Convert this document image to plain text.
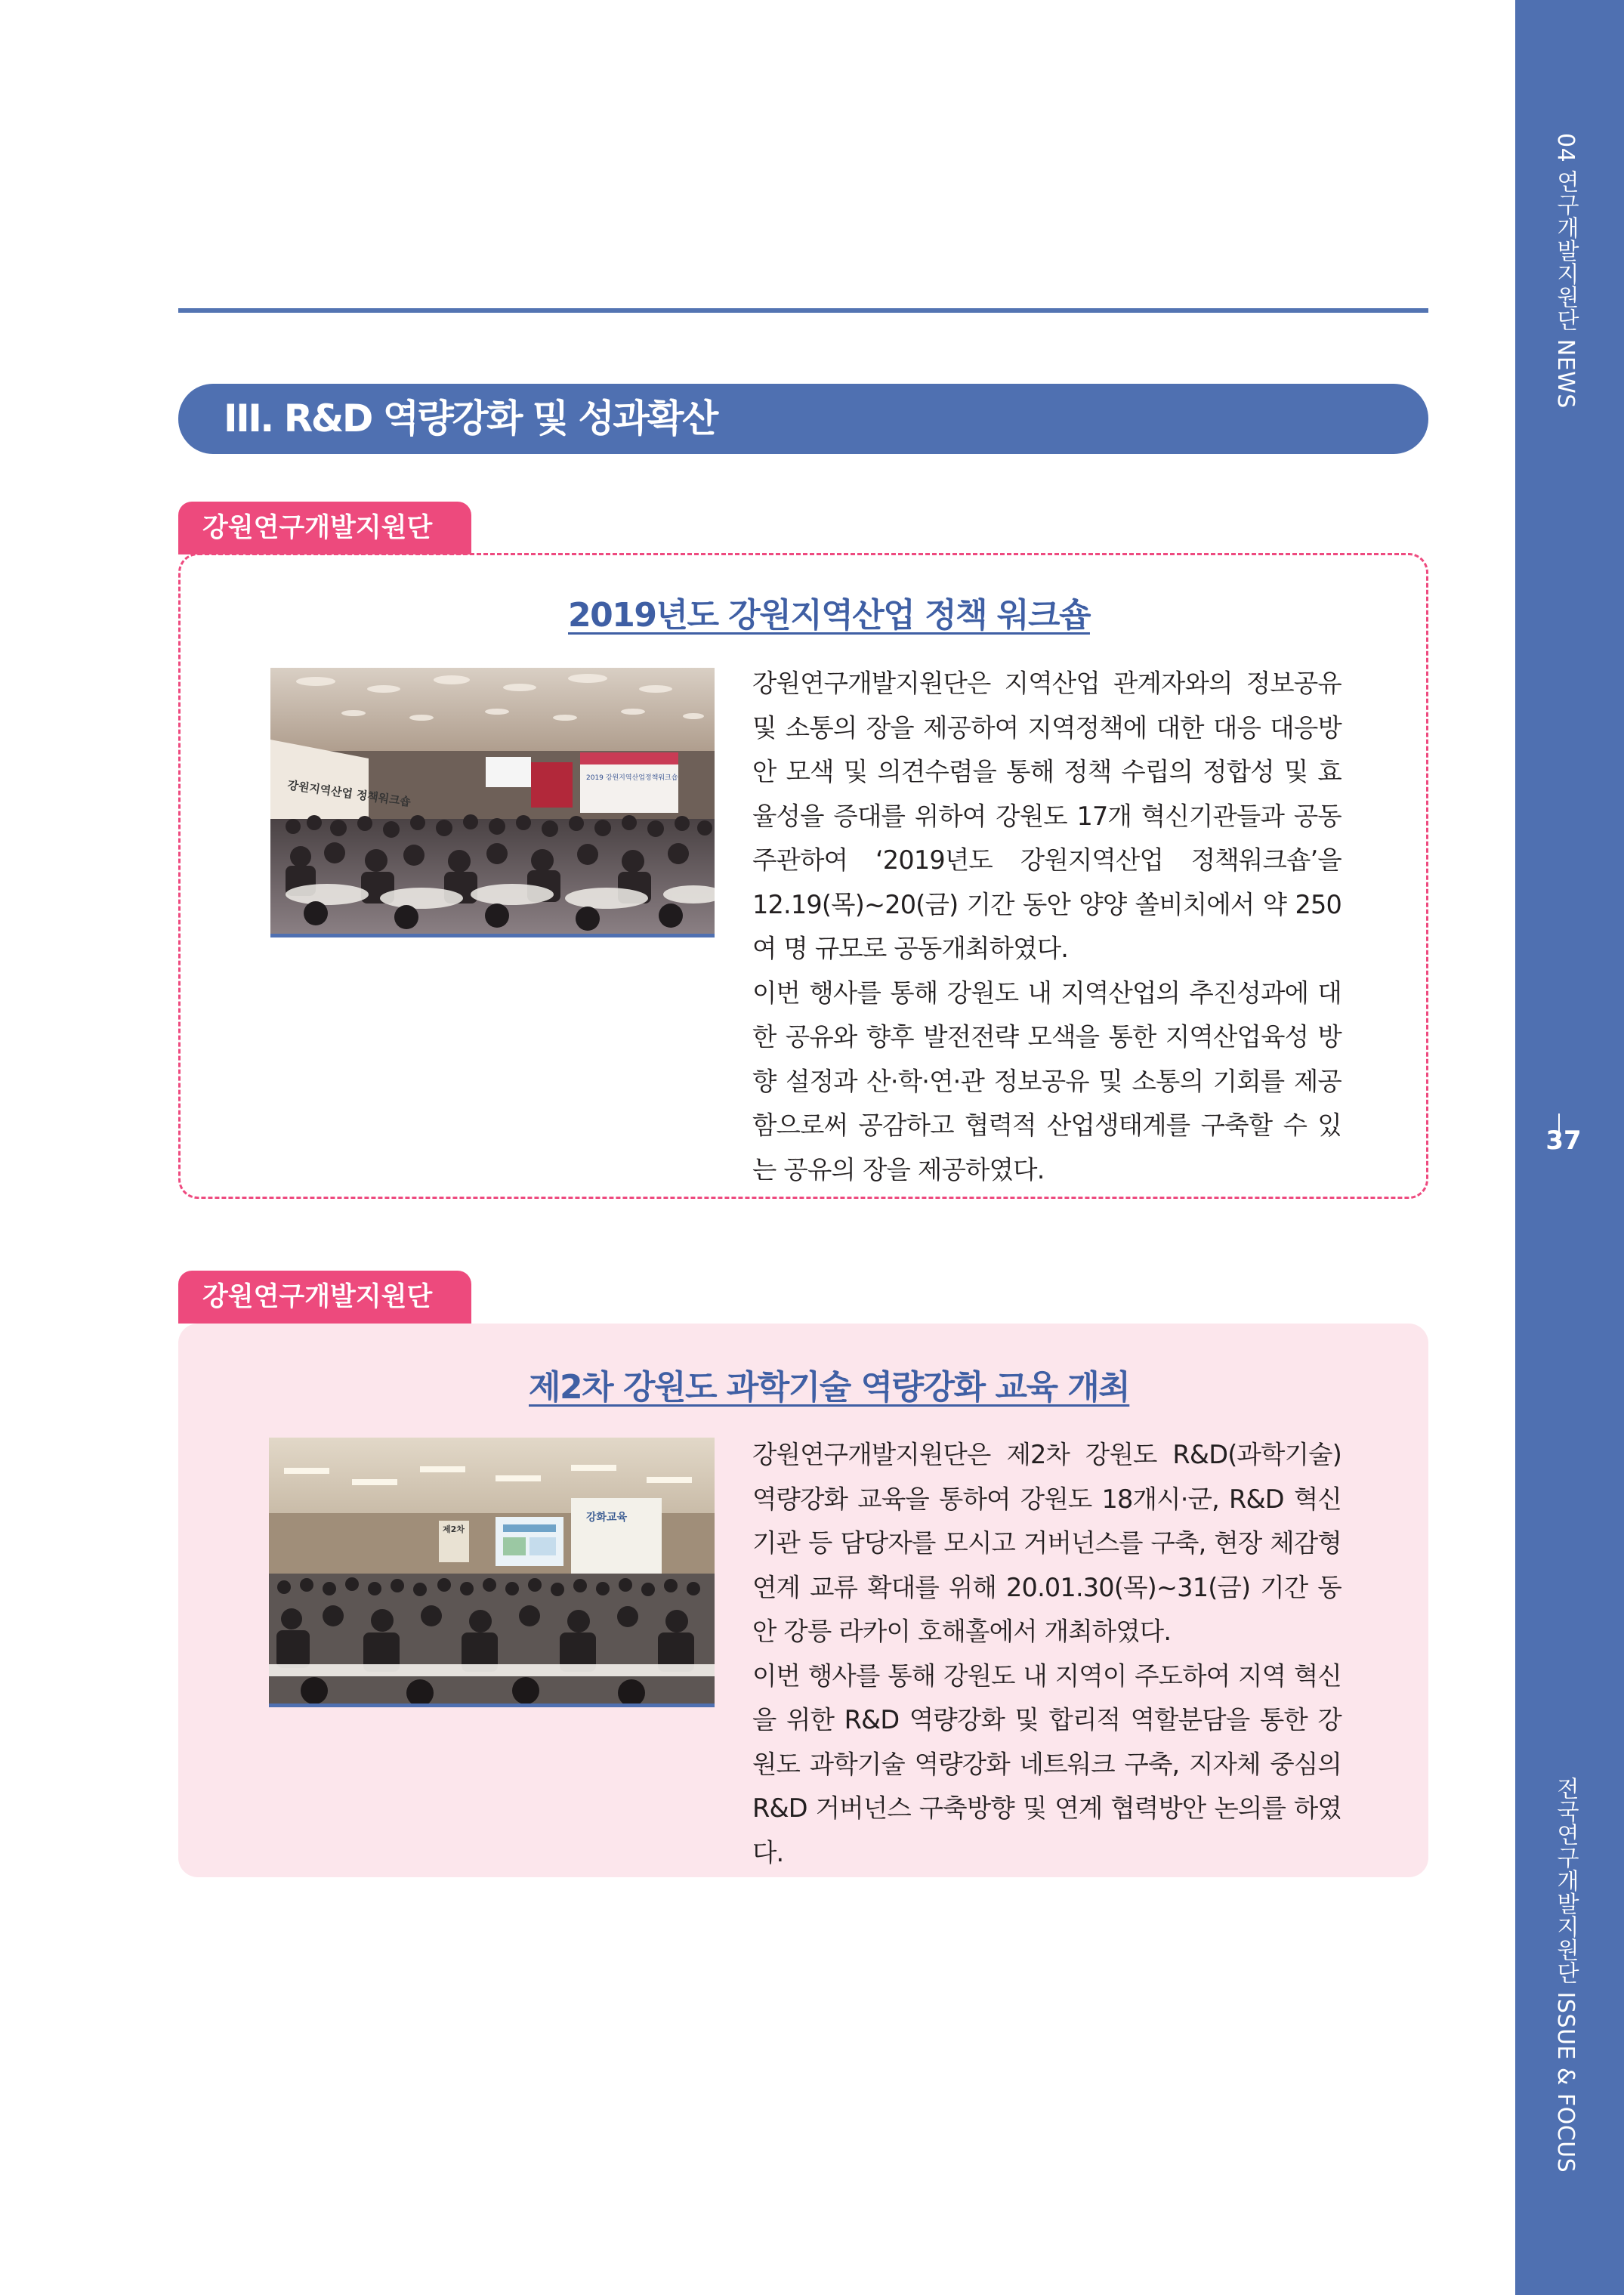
04 연구개발지원단 NEWS
37
전국연구개발지원단 ISSUE & FOCUS
III. R&D 역량강화 및 성과확산
강원연구개발지원단
2019년도 강원지역산업 정책 워크숍
강원지역산업 정책워크숍
2019 강원지역산업정책워크숍

강원연구개발지원단은 지역산업 관계자와의 정보공유 및 소통의 장을 제공하여 지역정책에 대한 대응 대응방안 모색 및 의견수렴을 통해 정책 수립의 정합성 및 효율성을 증대를 위하여 강원도 17개 혁신기관들과 공동주관하여 ‘2019년도 강원지역산업 정책워크숍’을 12.19(목)~20(금) 기간 동안 양양 쏠비치에서 약 250여 명 규모로 공동개최하였다.

이번 행사를 통해 강원도 내 지역산업의 추진성과에 대한 공유와 향후 발전전략 모색을 통한 지역산업육성 방향 설정과 산·학·연·관 정보공유 및 소통의 기회를 제공함으로써 공감하고 협력적 산업생태계를 구축할 수 있는 공유의 장을 제공하였다.

강원연구개발지원단
제2차 강원도 과학기술 역량강화 교육 개최
강화교육
제2차

강원연구개발지원단은 제2차 강원도 R&D(과학기술) 역량강화 교육을 통하여 강원도 18개시·군, R&D 혁신기관 등 담당자를 모시고 거버넌스를 구축, 현장 체감형 연계 교류 확대를 위해 20.01.30(목)~31(금) 기간 동안 강릉 라카이 호해홀에서 개최하였다.

이번 행사를 통해 강원도 내 지역이 주도하여 지역 혁신을 위한 R&D 역량강화 및 합리적 역할분담을 통한 강원도 과학기술 역량강화 네트워크 구축, 지자체 중심의 R&D 거버넌스 구축방향 및 연계 협력방안 논의를 하였다.
